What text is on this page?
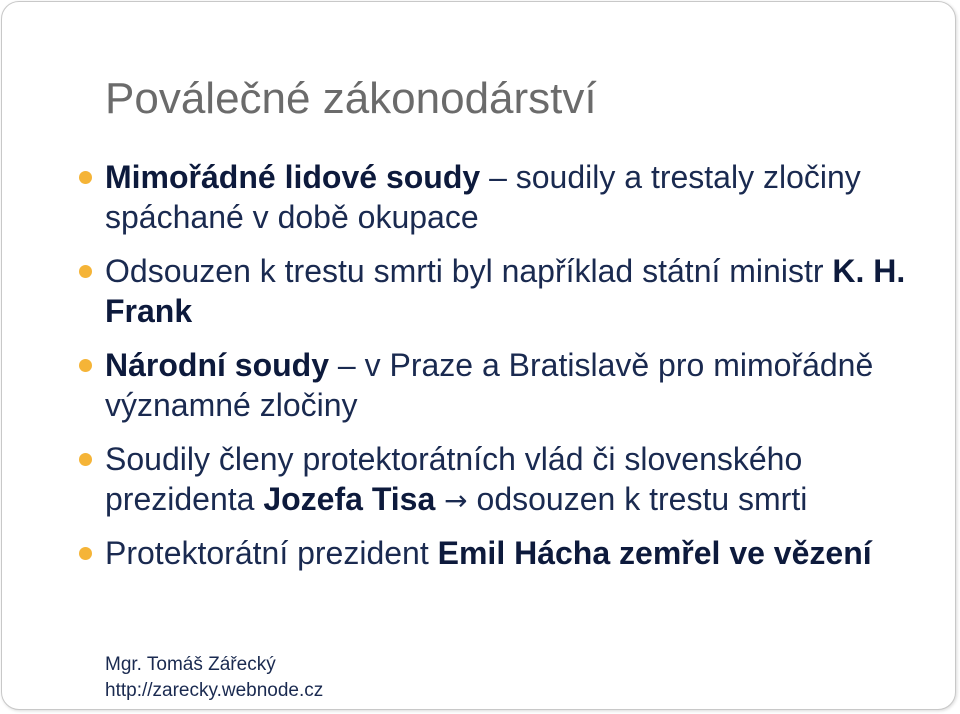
Poválečné zákonodárství
Mimořádné lidové soudy – soudily a trestaly zločiny spáchané v době okupace
Odsouzen k trestu smrti byl například státní ministr K. H. Frank
Národní soudy – v Praze a Bratislavě pro mimořádně významné zločiny
Soudily členy protektorátních vlád či slovenského prezidenta Jozefa Tisa → odsouzen k trestu smrti
Protektorátní prezident Emil Hácha zemřel ve vězení
Mgr. Tomáš Zářecký
http://zarecky.webnode.cz
